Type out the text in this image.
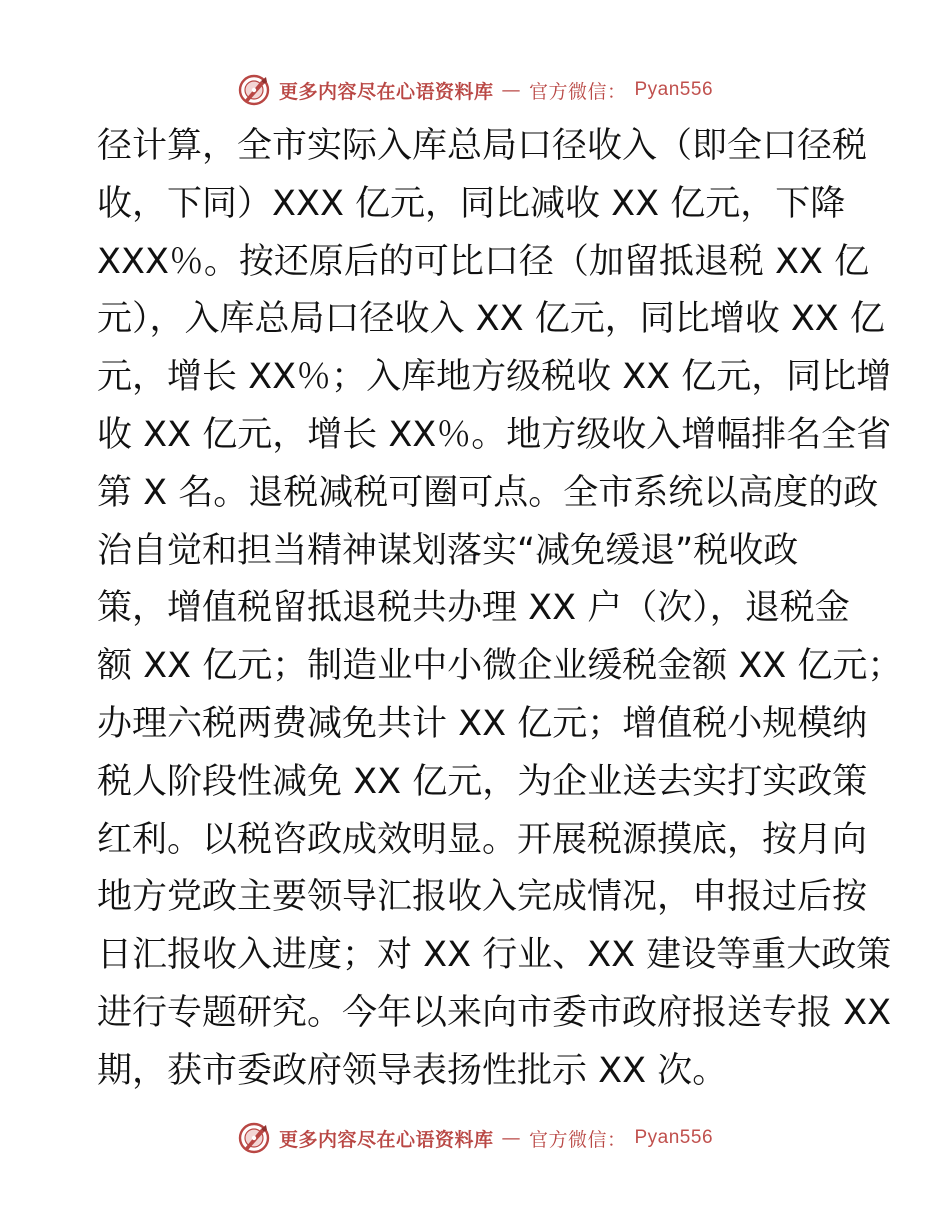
更多内容尽在心语资料库 — 官方微信： Pyan556
径计算，全市实际入库总局口径收入（即全口径税
收，下同）XXX 亿元，同比减收 XX 亿元，下降
XXX％。按还原后的可比口径（加留抵退税 XX 亿
元），入库总局口径收入 XX 亿元，同比增收 XX 亿
元，增长 XX％；入库地方级税收 XX 亿元，同比增
收 XX 亿元，增长 XX％。地方级收入增幅排名全省
第 X 名。退税减税可圈可点。全市系统以高度的政
治自觉和担当精神谋划落实“减免缓退”税收政
策，增值税留抵退税共办理 XX 户（次），退税金
额 XX 亿元；制造业中小微企业缓税金额 XX 亿元；
办理六税两费减免共计 XX 亿元；增值税小规模纳
税人阶段性减免 XX 亿元，为企业送去实打实政策
红利。以税咨政成效明显。开展税源摸底，按月向
地方党政主要领导汇报收入完成情况，申报过后按
日汇报收入进度；对 XX 行业、XX 建设等重大政策
进行专题研究。今年以来向市委市政府报送专报 XX
期，获市委政府领导表扬性批示 XX 次。
更多内容尽在心语资料库 — 官方微信： Pyan556
